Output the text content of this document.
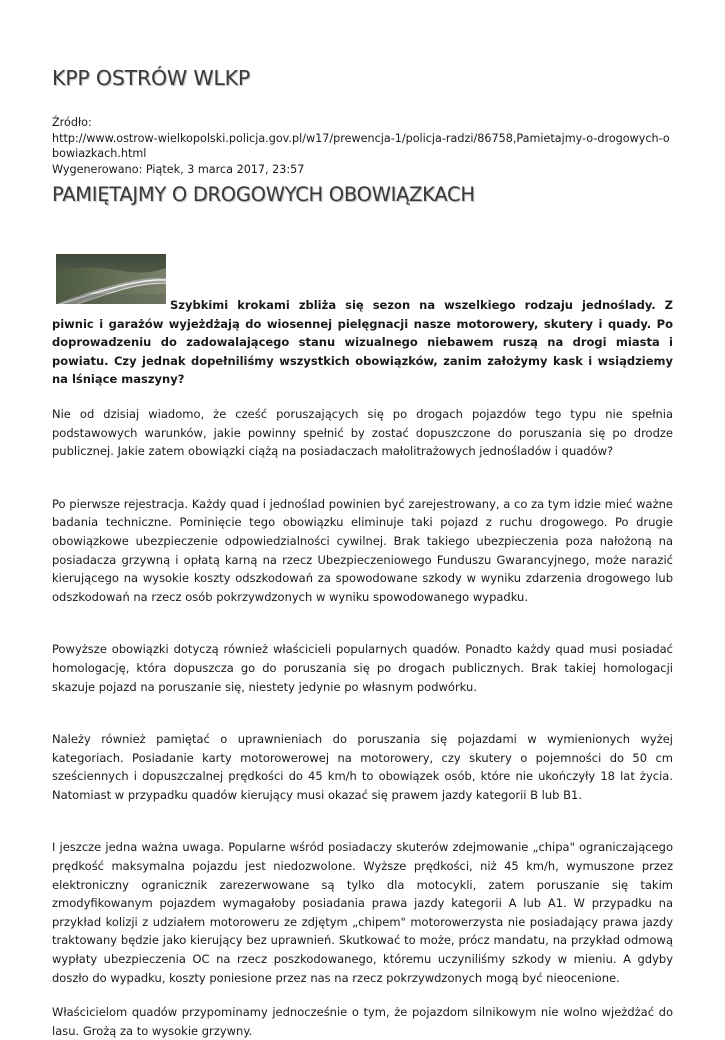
KPP OSTRÓW WLKP
Źródło:
http://www.ostrow-wielkopolski.policja.gov.pl/w17/prewencja-1/policja-radzi/86758,Pamietajmy-o-drogowych-obowiazkach.html
Wygenerowano: Piątek, 3 marca 2017, 23:57
PAMIĘTAJMY O DROGOWYCH OBOWIĄZKACH

Szybkimi krokami zbliża się sezon na wszelkiego rodzaju jednoślady. Z piwnic i garażów wyjeżdżają do wiosennej pielęgnacji nasze motorowery, skutery i quady. Po doprowadzeniu do zadowalającego stanu wizualnego niebawem ruszą na drogi miasta i powiatu. Czy jednak dopełniliśmy wszystkich obowiązków, zanim założymy kask i wsiądziemy na lśniące maszyny?

Nie od dzisiaj wiadomo, że cześć poruszających się po drogach pojazdów tego typu nie spełnia podstawowych warunków, jakie powinny spełnić by zostać dopuszczone do poruszania się po drodze publicznej. Jakie zatem obowiązki ciążą na posiadaczach małolitrażowych jednośladów i quadów?

Po pierwsze rejestracja. Każdy quad i jednoślad powinien być zarejestrowany, a co za tym idzie mieć ważne badania techniczne. Pominięcie tego obowiązku eliminuje taki pojazd z ruchu drogowego. Po drugie obowiązkowe ubezpieczenie odpowiedzialności cywilnej. Brak takiego ubezpieczenia poza nałożoną na posiadacza grzywną i opłatą karną na rzecz Ubezpieczeniowego Funduszu Gwarancyjnego, może narazić kierującego na wysokie koszty odszkodowań za spowodowane szkody w wyniku zdarzenia drogowego lub odszkodowań na rzecz osób pokrzywdzonych w wyniku spowodowanego wypadku.

Powyższe obowiązki dotyczą również właścicieli popularnych quadów. Ponadto każdy quad musi posiadać homologację, która dopuszcza go do poruszania się po drogach publicznych. Brak takiej homologacji skazuje pojazd na poruszanie się, niestety jedynie po własnym podwórku.

Należy również pamiętać o uprawnieniach do poruszania się pojazdami w wymienionych wyżej kategoriach. Posiadanie karty motorowerowej na motorowery, czy skutery o pojemności do 50 cm sześciennych i dopuszczalnej prędkości do 45 km/h to obowiązek osób, które nie ukończyły 18 lat życia. Natomiast w przypadku quadów kierujący musi okazać się prawem jazdy kategorii B lub B1.

I jeszcze jedna ważna uwaga. Popularne wśród posiadaczy skuterów zdejmowanie „chipa" ograniczającego prędkość maksymalna pojazdu jest niedozwolone. Wyższe prędkości, niż 45 km/h, wymuszone przez elektroniczny ogranicznik zarezerwowane są tylko dla motocykli, zatem poruszanie się takim zmodyfikowanym pojazdem wymagałoby posiadania prawa jazdy kategorii A lub A1. W przypadku na przykład kolizji z udziałem motoroweru ze zdjętym „chipem" motorowerzysta nie posiadający prawa jazdy traktowany będzie jako kierujący bez uprawnień. Skutkować to może, prócz mandatu, na przykład odmową wypłaty ubezpieczenia OC na rzecz poszkodowanego, któremu uczyniliśmy szkody w mieniu. A gdyby doszło do wypadku, koszty poniesione przez nas na rzecz pokrzywdzonych mogą być nieocenione.

Właścicielom quadów przypominamy jednocześnie o tym, że pojazdom silnikowym nie wolno wjeżdżać do lasu. Grożą za to wysokie grzywny.
